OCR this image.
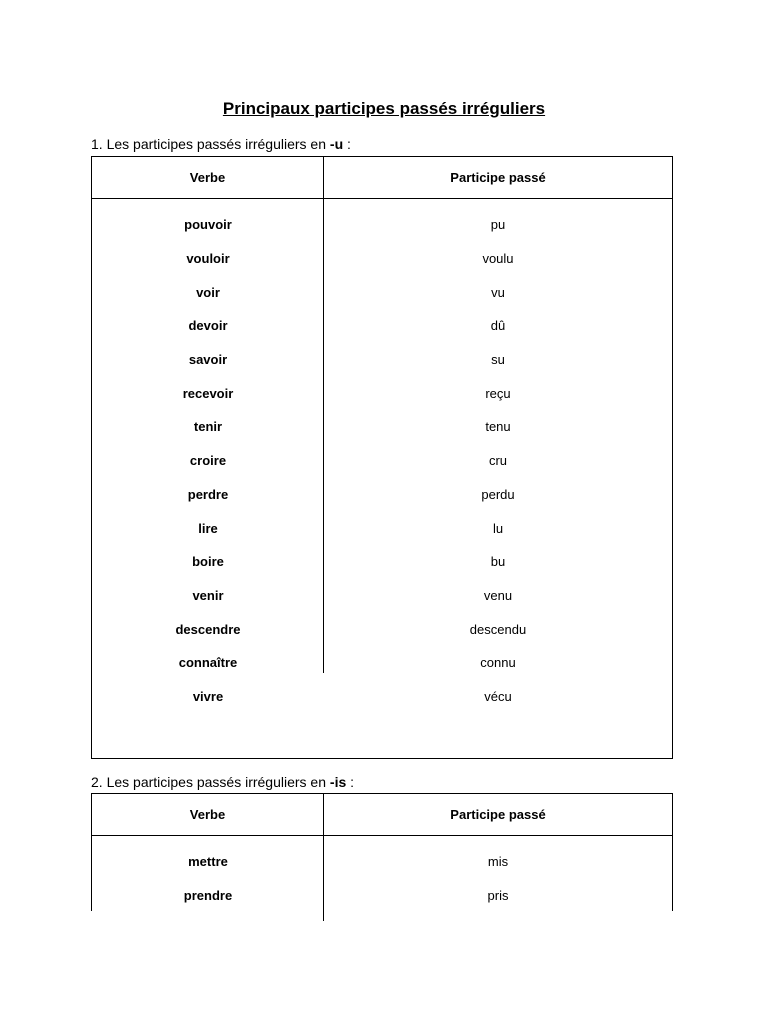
Principaux participes passés irréguliers
1. Les participes passés irréguliers en -u :
Verbe	Participe passé
pouvoir	pu
vouloir	voulu
voir	vu
devoir	dû
savoir	su
recevoir	reçu
tenir	tenu
croire	cru
perdre	perdu
lire	lu
boire	bu
venir	venu
descendre	descendu
connaître	connu
vivre	vécu
2. Les participes passés irréguliers en -is :
Verbe	Participe passé
mettre	mis
prendre	pris
